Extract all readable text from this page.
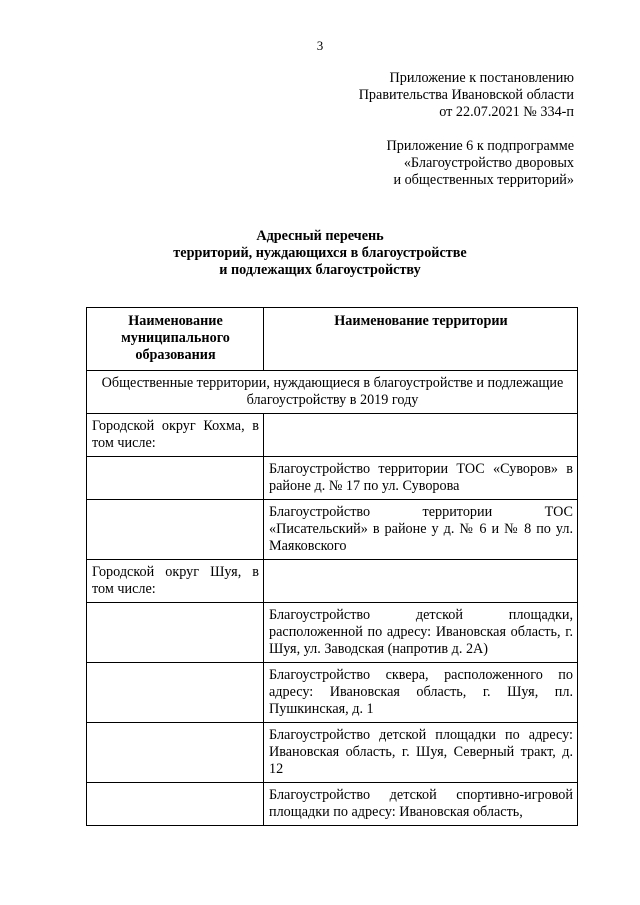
3
Приложение к постановлению
Правительства Ивановской области
от 22.07.2021 № 334-п
Приложение 6 к подпрограмме
«Благоустройство дворовых
и общественных территорий»
Адресный перечень
территорий, нуждающихся в благоустройстве
и подлежащих благоустройству
Наименование муниципального образования	Наименование территории
Общественные территории, нуждающиеся в благоустройстве и подлежащие благоустройству в 2019 году	
Городской округ Кохма, в том числе:	
	Благоустройство территории ТОС «Суворов» в районе д. № 17 по ул. Суворова
	Благоустройство территории ТОС «Писательский» в районе у д. № 6 и № 8 по ул. Маяковского
Городской округ Шуя, в том числе:	
	Благоустройство детской площадки, расположенной по адресу: Ивановская область, г. Шуя, ул. Заводская (напротив д. 2А)
	Благоустройство сквера, расположенного по адресу: Ивановская область, г. Шуя, пл. Пушкинская, д. 1
	Благоустройство детской площадки по адресу: Ивановская область, г. Шуя, Северный тракт, д. 12
	Благоустройство детской спортивно-игровой площадки по адресу: Ивановская область,
